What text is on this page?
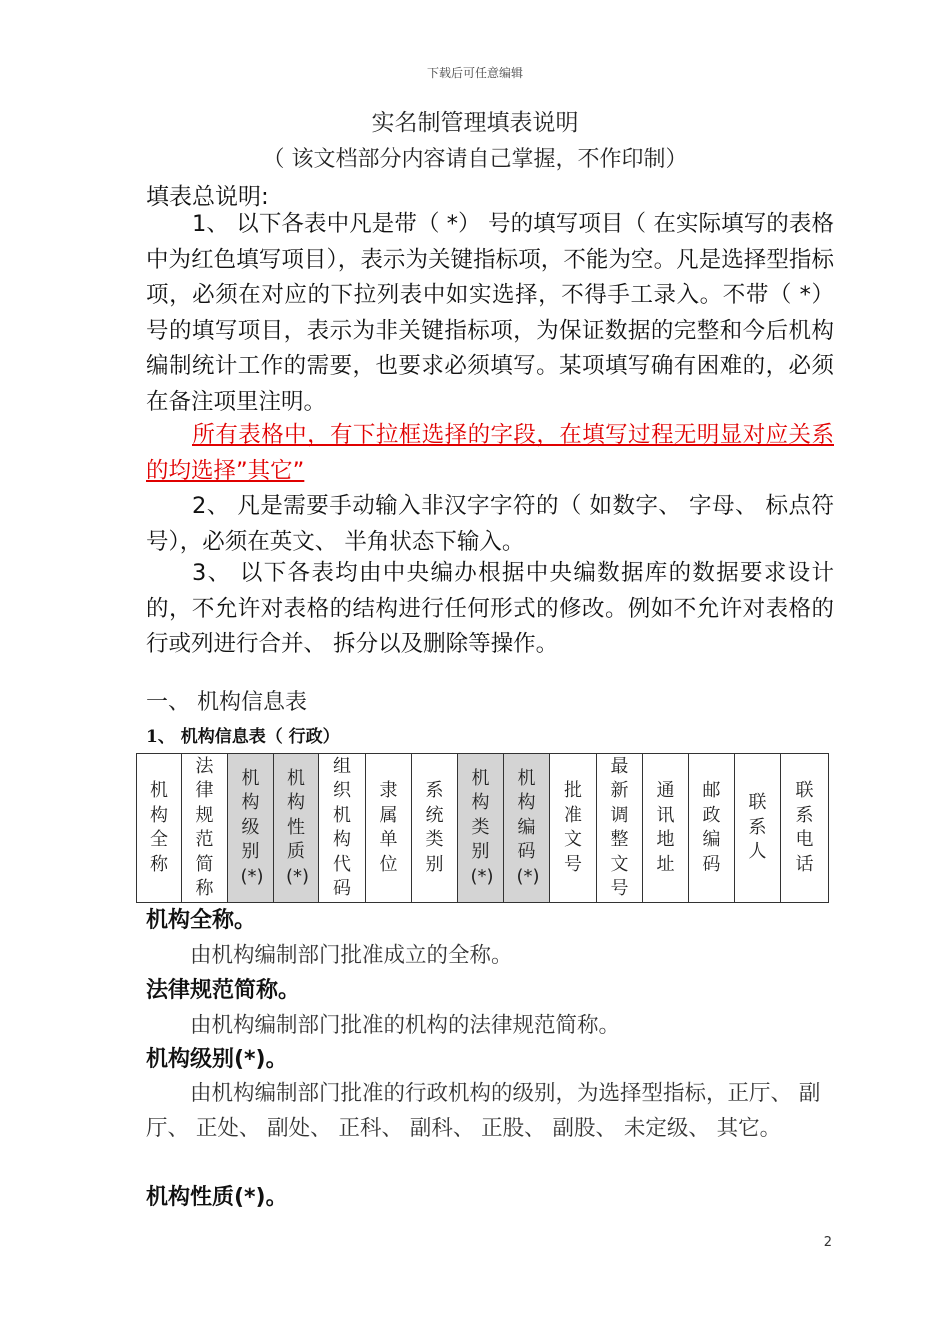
下载后可任意编辑
实名制管理填表说明
（ 该文档部分内容请自己掌握，不作印制）
填表总说明:
1、 以下各表中凡是带（ *） 号的填写项目（ 在实际填写的表格中为红色填写项目），表示为关键指标项，不能为空。凡是选择型指标项，必须在对应的下拉列表中如实选择，不得手工录入。不带（ *） 号的填写项目，表示为非关键指标项，为保证数据的完整和今后机构编制统计工作的需要，也要求必须填写。某项填写确有困难的，必须在备注项里注明。
所有表格中，有下拉框选择的字段，在填写过程无明显对应关系的均选择”其它”
2、 凡是需要手动输入非汉字字符的（ 如数字、 字母、 标点符号），必须在英文、 半角状态下输入。
3、 以下各表均由中央编办根据中央编数据库的数据要求设计的，不允许对表格的结构进行任何形式的修改。例如不允许对表格的行或列进行合并、 拆分以及删除等操作。
一、 机构信息表
1、 机构信息表（ 行政）
机构全称	法律规范简称	机构级别(*)	机构性质(*)	组织机构代码	隶属单位	系统类别	机构类别(*)	机构编码(*)	批准文号	最新调整文号	通讯地址	邮政编码	联系人	联系电话
机构全称。
由机构编制部门批准成立的全称。
法律规范简称。
由机构编制部门批准的机构的法律规范简称。
机构级别(*)。
由机构编制部门批准的行政机构的级别，为选择型指标，正厅、 副厅、 正处、 副处、 正科、 副科、 正股、 副股、 未定级、 其它。
机构性质(*)。
2
